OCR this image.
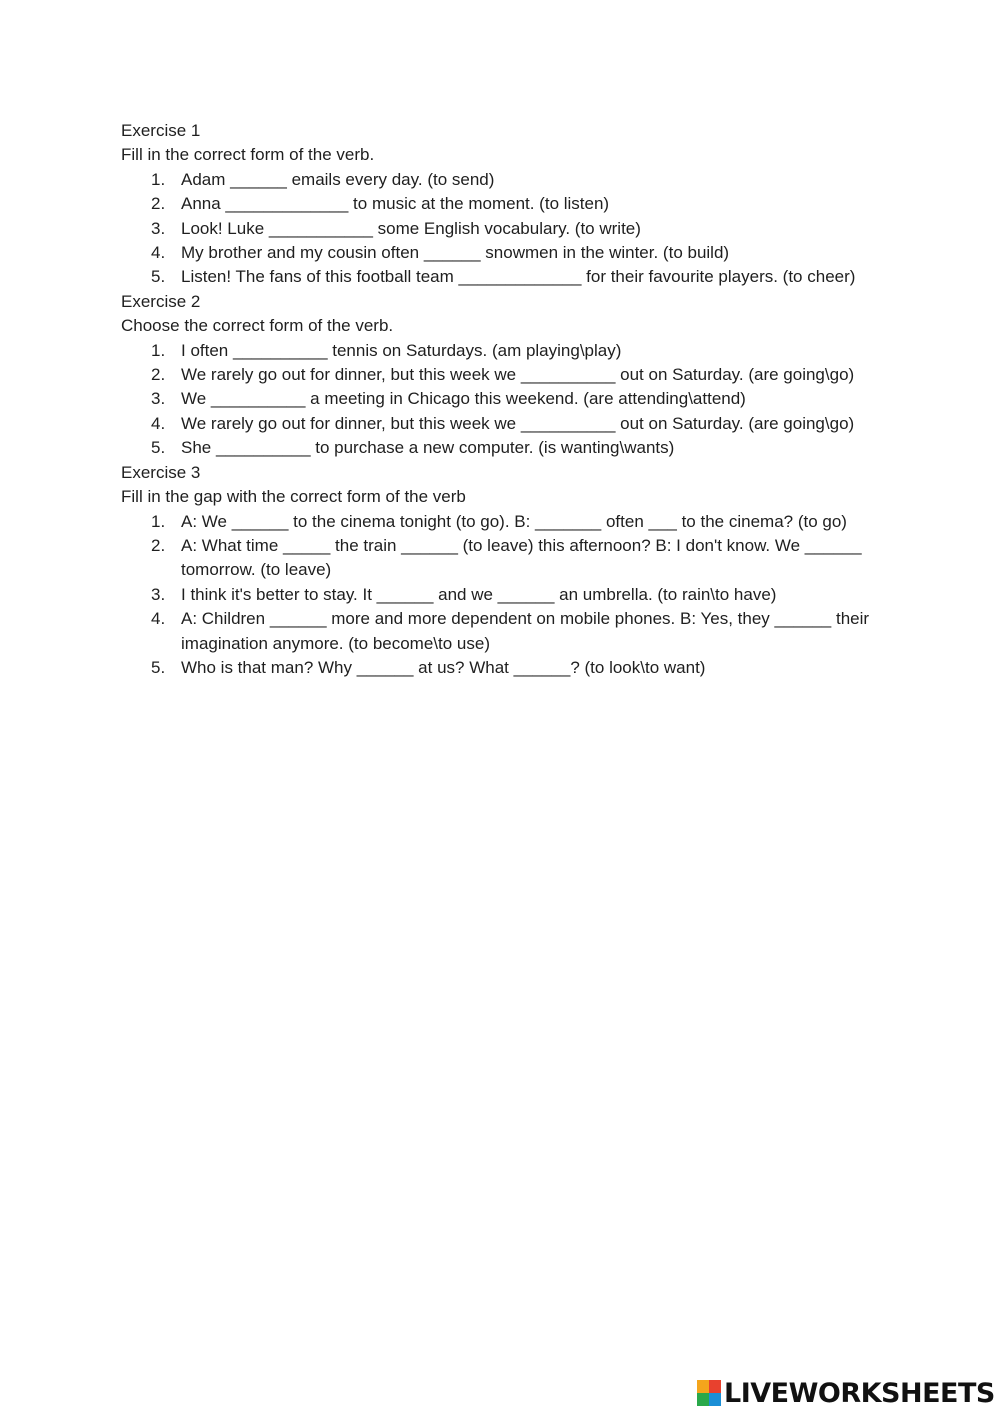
Exercise 1
Fill in the correct form of the verb.
1. Adam ______ emails every day. (to send)
2. Anna _____________ to music at the moment. (to listen)
3. Look! Luke ___________ some English vocabulary. (to write)
4. My brother and my cousin often ______ snowmen in the winter. (to build)
5. Listen! The fans of this football team _____________ for their favourite players. (to cheer)
Exercise 2
Choose the correct form of the verb.
1. I often __________ tennis on Saturdays. (am playing\play)
2. We rarely go out for dinner, but this week we __________ out on Saturday. (are going\go)
3. We __________ a meeting in Chicago this weekend. (are attending\attend)
4. We rarely go out for dinner, but this week we __________ out on Saturday. (are going\go)
5. She __________ to purchase a new computer. (is wanting\wants)
Exercise 3
Fill in the gap with the correct form of the verb
1. A: We ______ to the cinema tonight (to go). B: _______ often ___ to the cinema? (to go)
2. A: What time _____ the train ______ (to leave) this afternoon? B: I don't know. We ______ tomorrow. (to leave)
3. I think it's better to stay. It ______ and we ______ an umbrella. (to rain\to have)
4. A: Children ______ more and more dependent on mobile phones. B: Yes, they ______ their imagination anymore. (to become\to use)
5. Who is that man? Why ______ at us? What ______? (to look\to want)
LIVEWORKSHEETS
